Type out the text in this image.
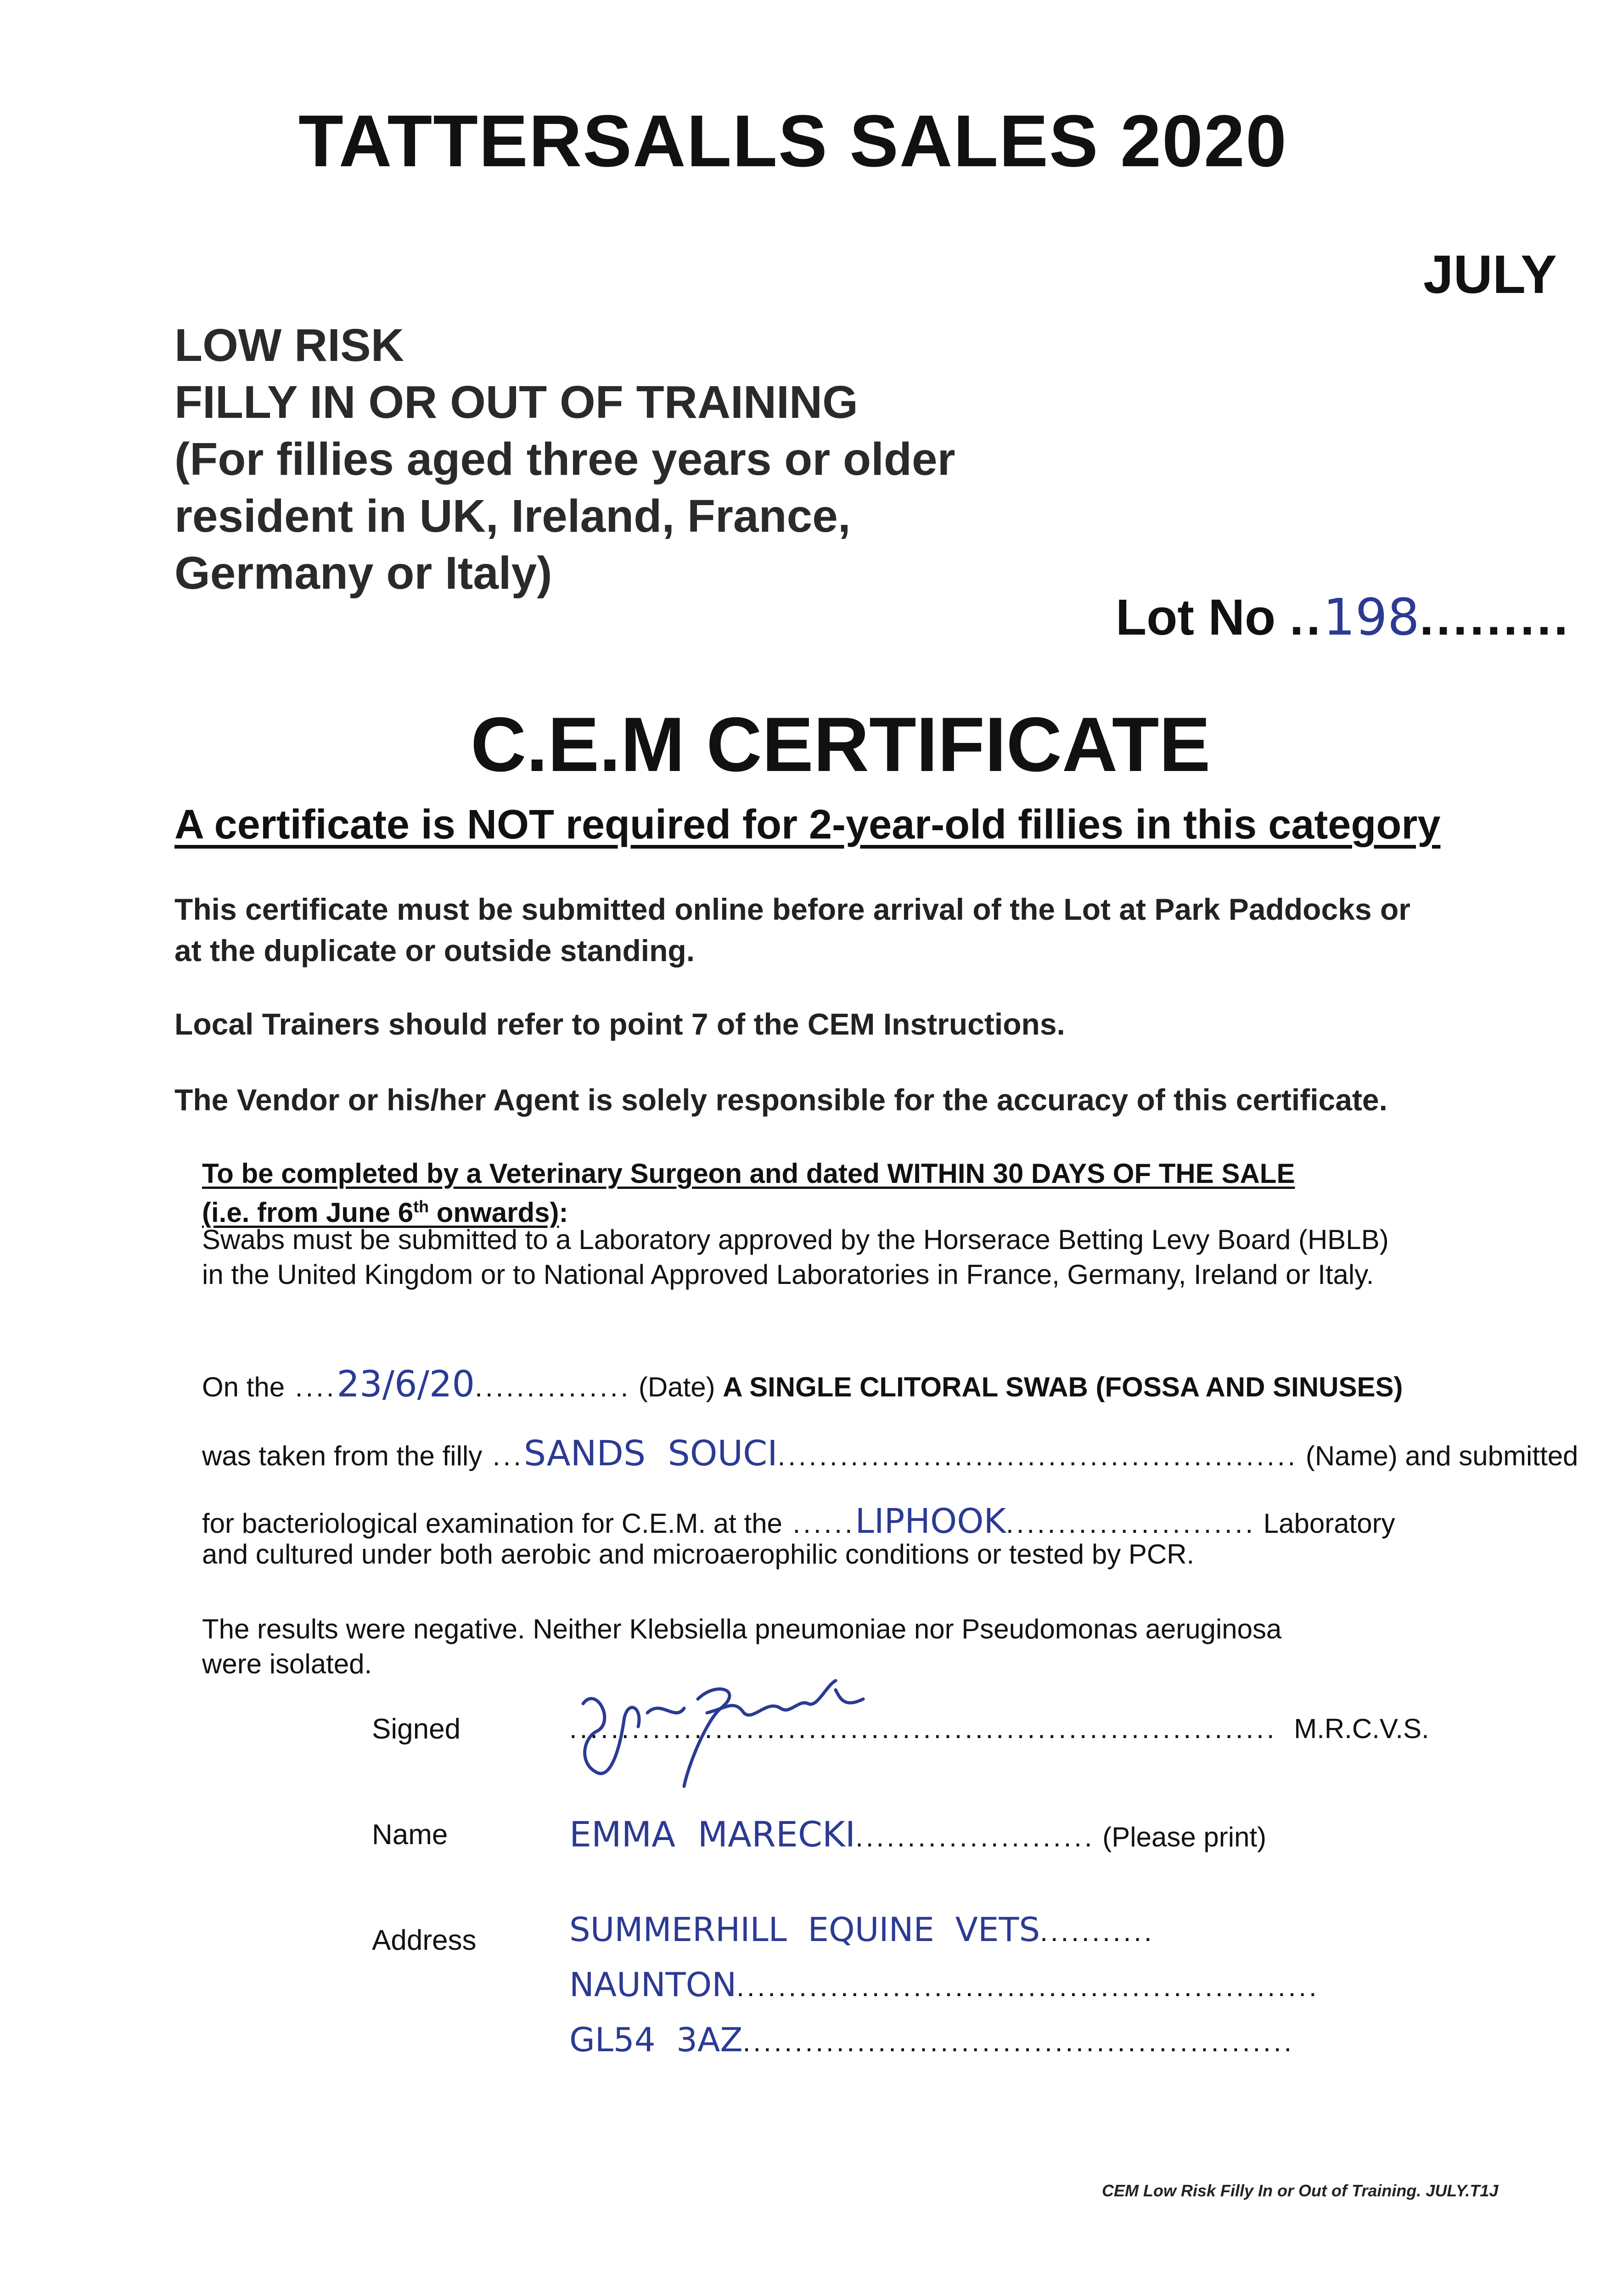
TATTERSALLS SALES 2020
JULY
LOW RISK
FILLY IN OR OUT OF TRAINING
(For fillies aged three years or older
resident in UK, Ireland, France,
Germany or Italy)
Lot No ..198.........
C.E.M CERTIFICATE
A certificate is NOT required for 2-year-old fillies in this category
This certificate must be submitted online before arrival of the Lot at Park Paddocks or
at the duplicate or outside standing.
Local Trainers should refer to point 7 of the CEM Instructions.
The Vendor or his/her Agent is solely responsible for the accuracy of this certificate.
To be completed by a Veterinary Surgeon and dated WITHIN 30 DAYS OF THE SALE
(i.e. from June 6th onwards):
Swabs must be submitted to a Laboratory approved by the Horserace Betting Levy Board (HBLB)
in the United Kingdom or to National Approved Laboratories in France, Germany, Ireland or Italy.
On the ....23/6/20............... (Date) A SINGLE CLITORAL SWAB (FOSSA AND SINUSES)
was taken from the filly ...SANDS  SOUCI.................................................. (Name) and submitted
for bacteriological examination for C.E.M. at the ......LIPHOOK........................ Laboratory
and cultured under both aerobic and microaerophilic conditions or tested by PCR.
The results were negative. Neither Klebsiella pneumoniae nor Pseudomonas aeruginosa
were isolated.
Signed	.................................................................... M.R.C.V.S.
Name	EMMA  MARECKI....................... (Please print)
Address	SUMMERHILL  EQUINE  VETS...........
NAUNTON........................................................
GL54  3AZ.....................................................
CEM Low Risk Filly In or Out of Training. JULY.T1J
